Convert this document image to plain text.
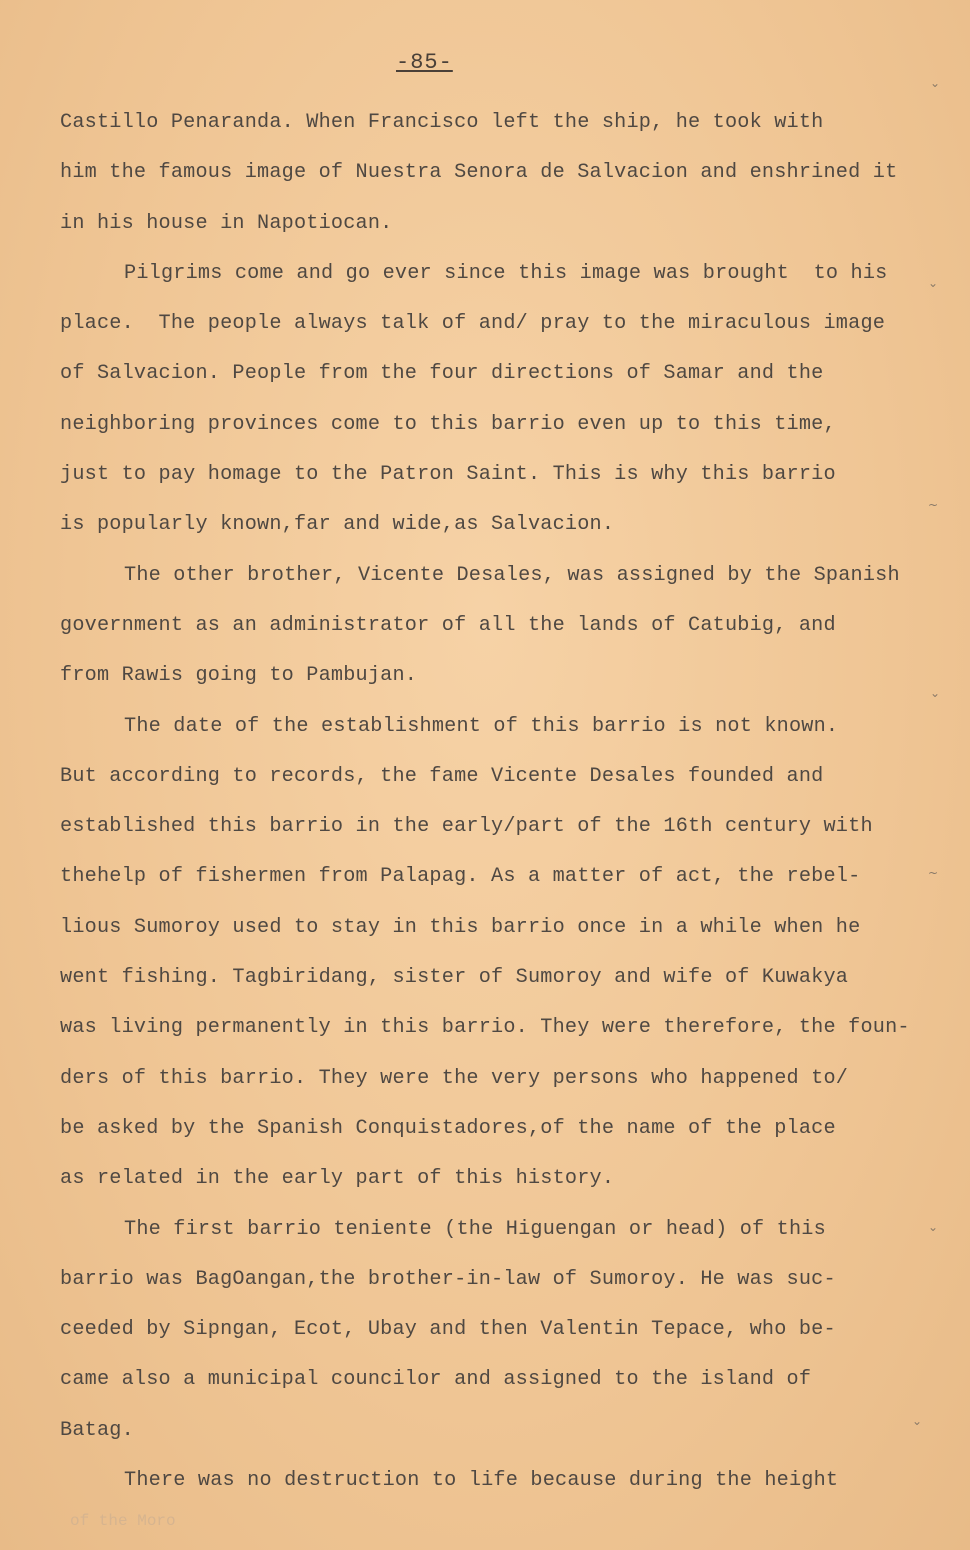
-85-
Castillo Penaranda. When Francisco left the ship, he took with
him the famous image of Nuestra Senora de Salvacion and enshrined it
in his house in Napotiocan.
Pilgrims come and go ever since this image was brought  to his
place.  The people always talk of and/ pray to the miraculous image
of Salvacion. People from the four directions of Samar and the
neighboring provinces come to this barrio even up to this time,
just to pay homage to the Patron Saint. This is why this barrio
is popularly known,far and wide,as Salvacion.
The other brother, Vicente Desales, was assigned by the Spanish
government as an administrator of all the lands of Catubig, and
from Rawis going to Pambujan.
The date of the establishment of this barrio is not known.
But according to records, the fame Vicente Desales founded and
established this barrio in the early/part of the 16th century with
thehelp of fishermen from Palapag. As a matter of act, the rebel-
lious Sumoroy used to stay in this barrio once in a while when he
went fishing. Tagbiridang, sister of Sumoroy and wife of Kuwakya
was living permanently in this barrio. They were therefore, the foun-
ders of this barrio. They were the very persons who happened to/
be asked by the Spanish Conquistadores,of the name of the place
as related in the early part of this history.
The first barrio teniente (the Higuengan or head) of this
barrio was BagOangan,the brother-in-law of Sumoroy. He was suc-
ceeded by Sipngan, Ecot, Ubay and then Valentin Tepace, who be-
came also a municipal councilor and assigned to the island of
Batag.
There was no destruction to life because during the height
of the Moro
⌄
⌄
~
⌄
~
⌄
⌄
